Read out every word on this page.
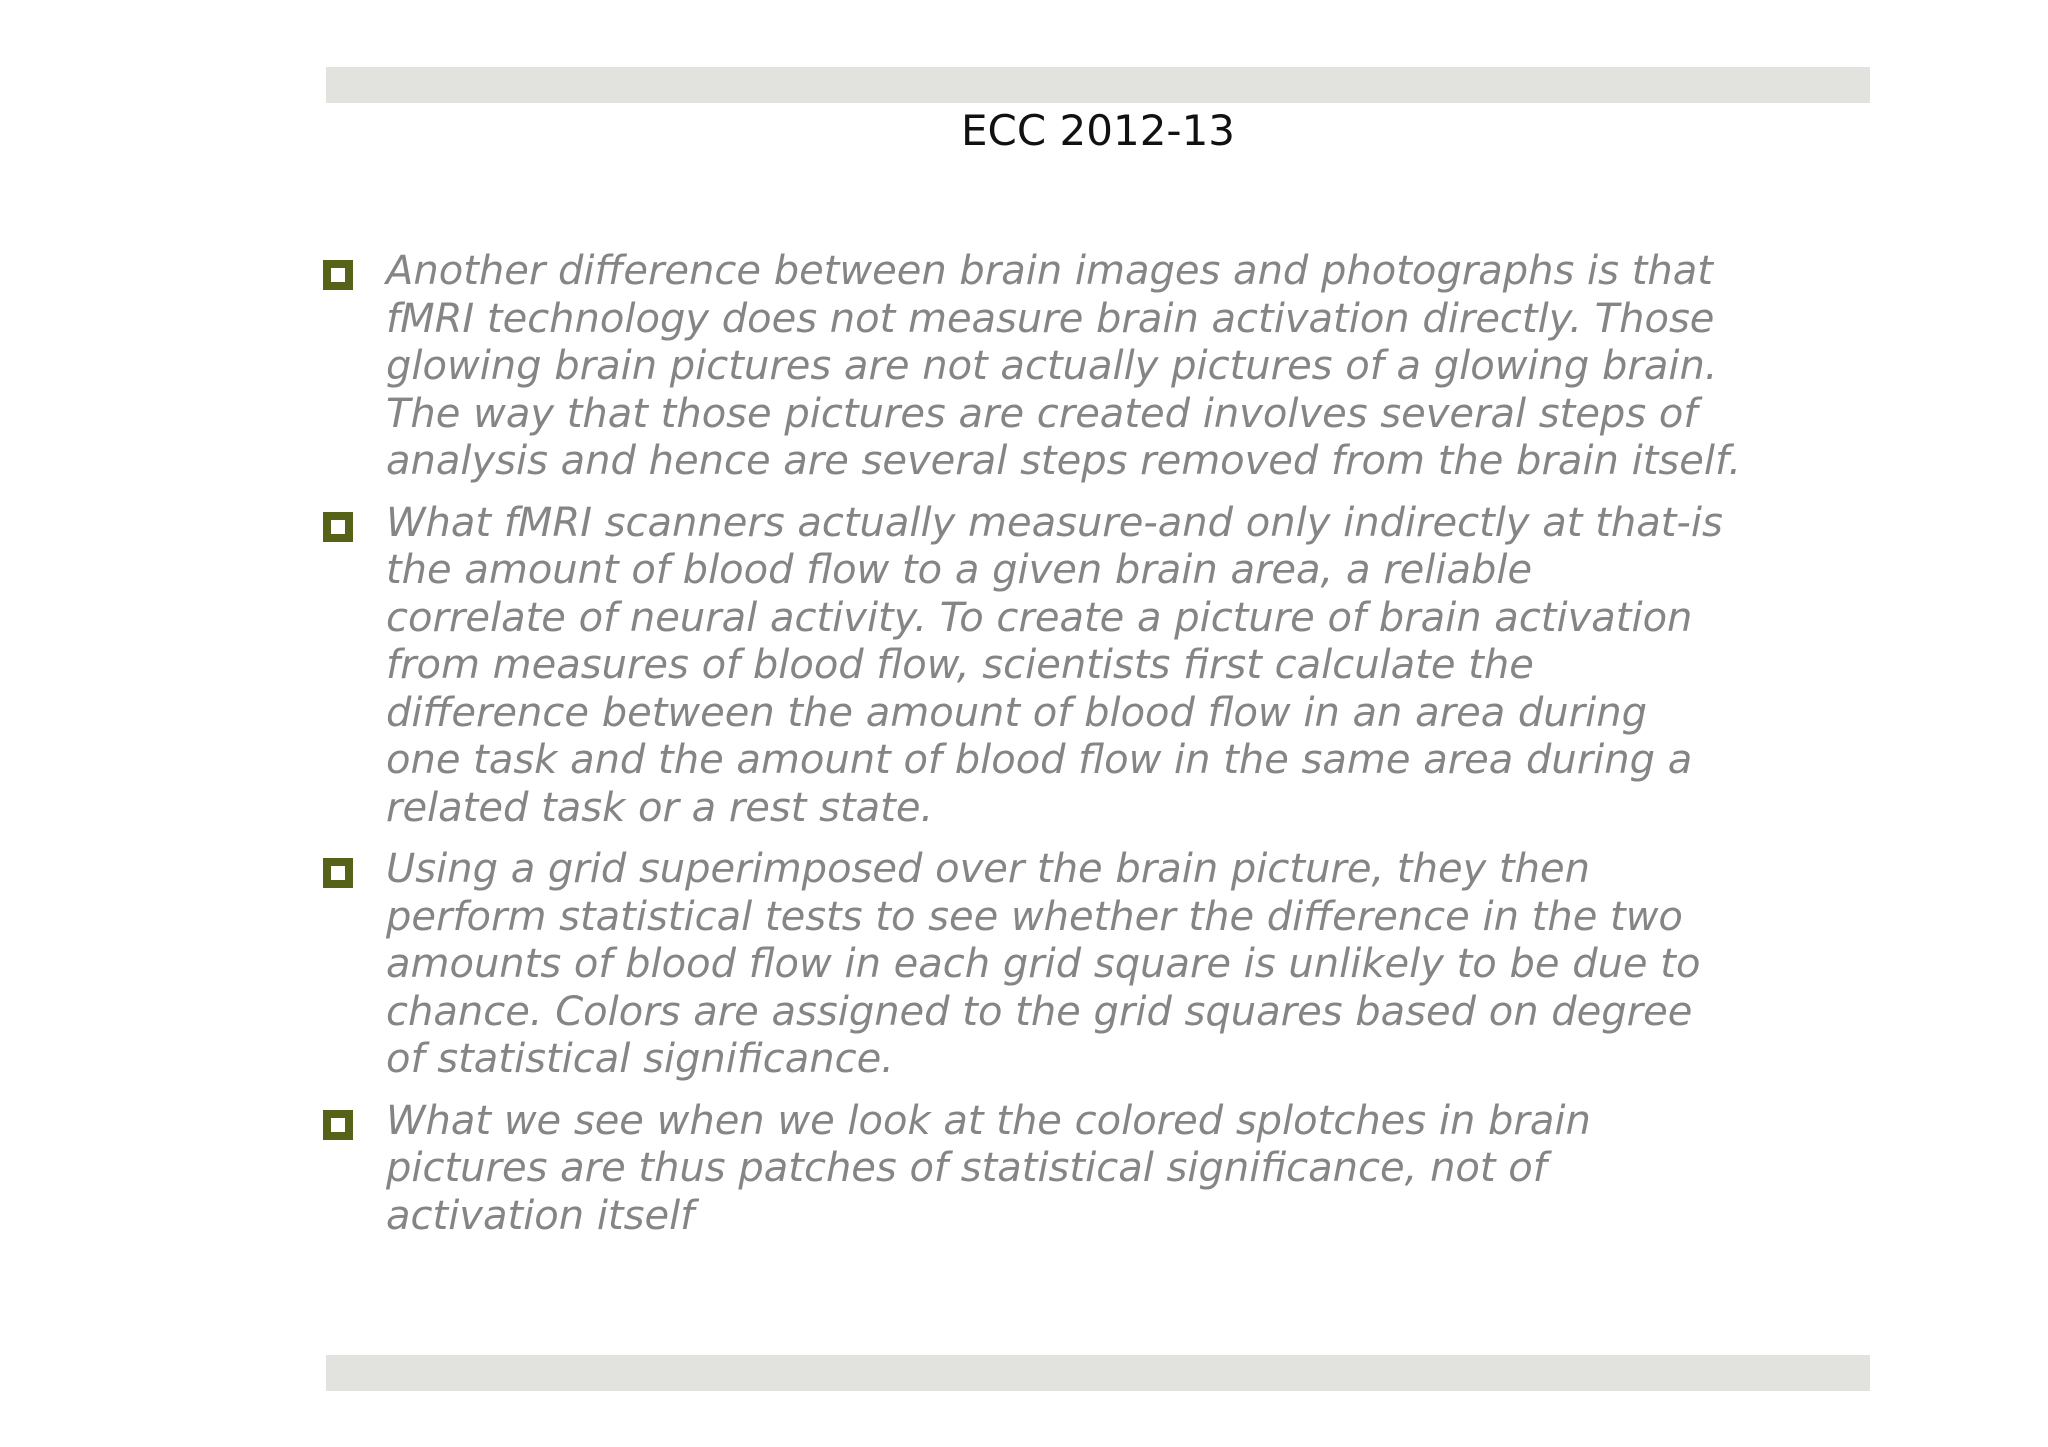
ECC 2012-13
Another difference between brain images and photographs is that
fMRI technology does not measure brain activation directly. Those
glowing brain pictures are not actually pictures of a glowing brain.
The way that those pictures are created involves several steps of
analysis and hence are several steps removed from the brain itself.
What fMRI scanners actually measure-and only indirectly at that-is
the amount of blood flow to a given brain area, a reliable
correlate of neural activity. To create a picture of brain activation
from measures of blood flow, scientists first calculate the
difference between the amount of blood flow in an area during
one task and the amount of blood flow in the same area during a
related task or a rest state.
Using a grid superimposed over the brain picture, they then
perform statistical tests to see whether the difference in the two
amounts of blood flow in each grid square is unlikely to be due to
chance. Colors are assigned to the grid squares based on degree
of statistical significance.
What we see when we look at the colored splotches in brain
pictures are thus patches of statistical significance, not of
activation itself
